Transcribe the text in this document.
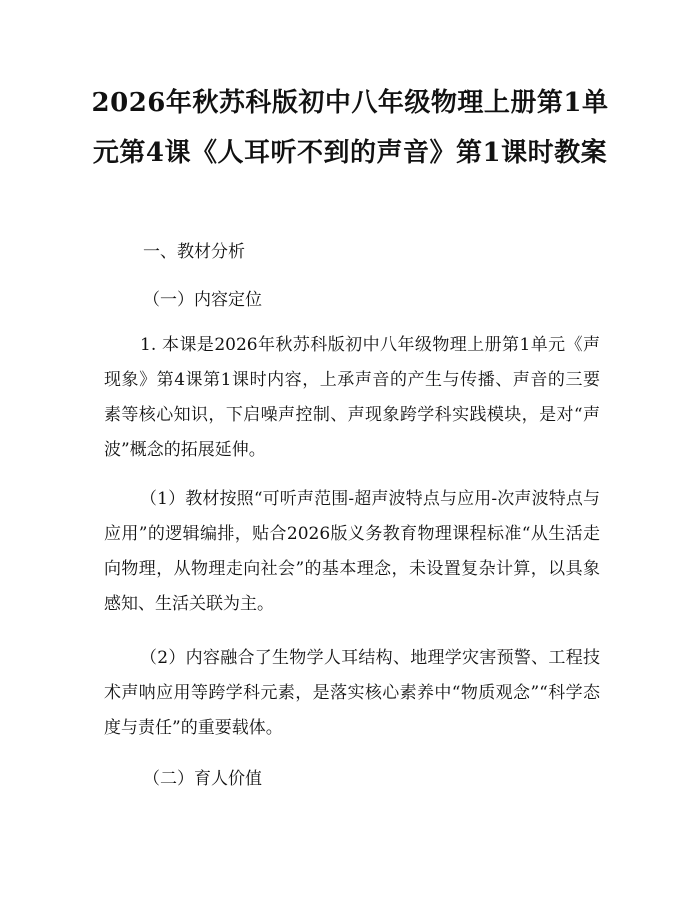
2026年秋苏科版初中八年级物理上册第1单元第4课《人耳听不到的声音》第1课时教案

一、教材分析

（一）内容定位

1. 本课是2026年秋苏科版初中八年级物理上册第1单元《声现象》第4课第1课时内容，上承声音的产生与传播、声音的三要素等核心知识，下启噪声控制、声现象跨学科实践模块，是对“声波”概念的拓展延伸。

（1）教材按照“可听声范围-超声波特点与应用-次声波特点与应用”的逻辑编排，贴合2026版义务教育物理课程标准“从生活走向物理，从物理走向社会”的基本理念，未设置复杂计算，以具象感知、生活关联为主。

（2）内容融合了生物学人耳结构、地理学灾害预警、工程技术声呐应用等跨学科元素，是落实核心素养中“物质观念”“科学态度与责任”的重要载体。

（二）育人价值
